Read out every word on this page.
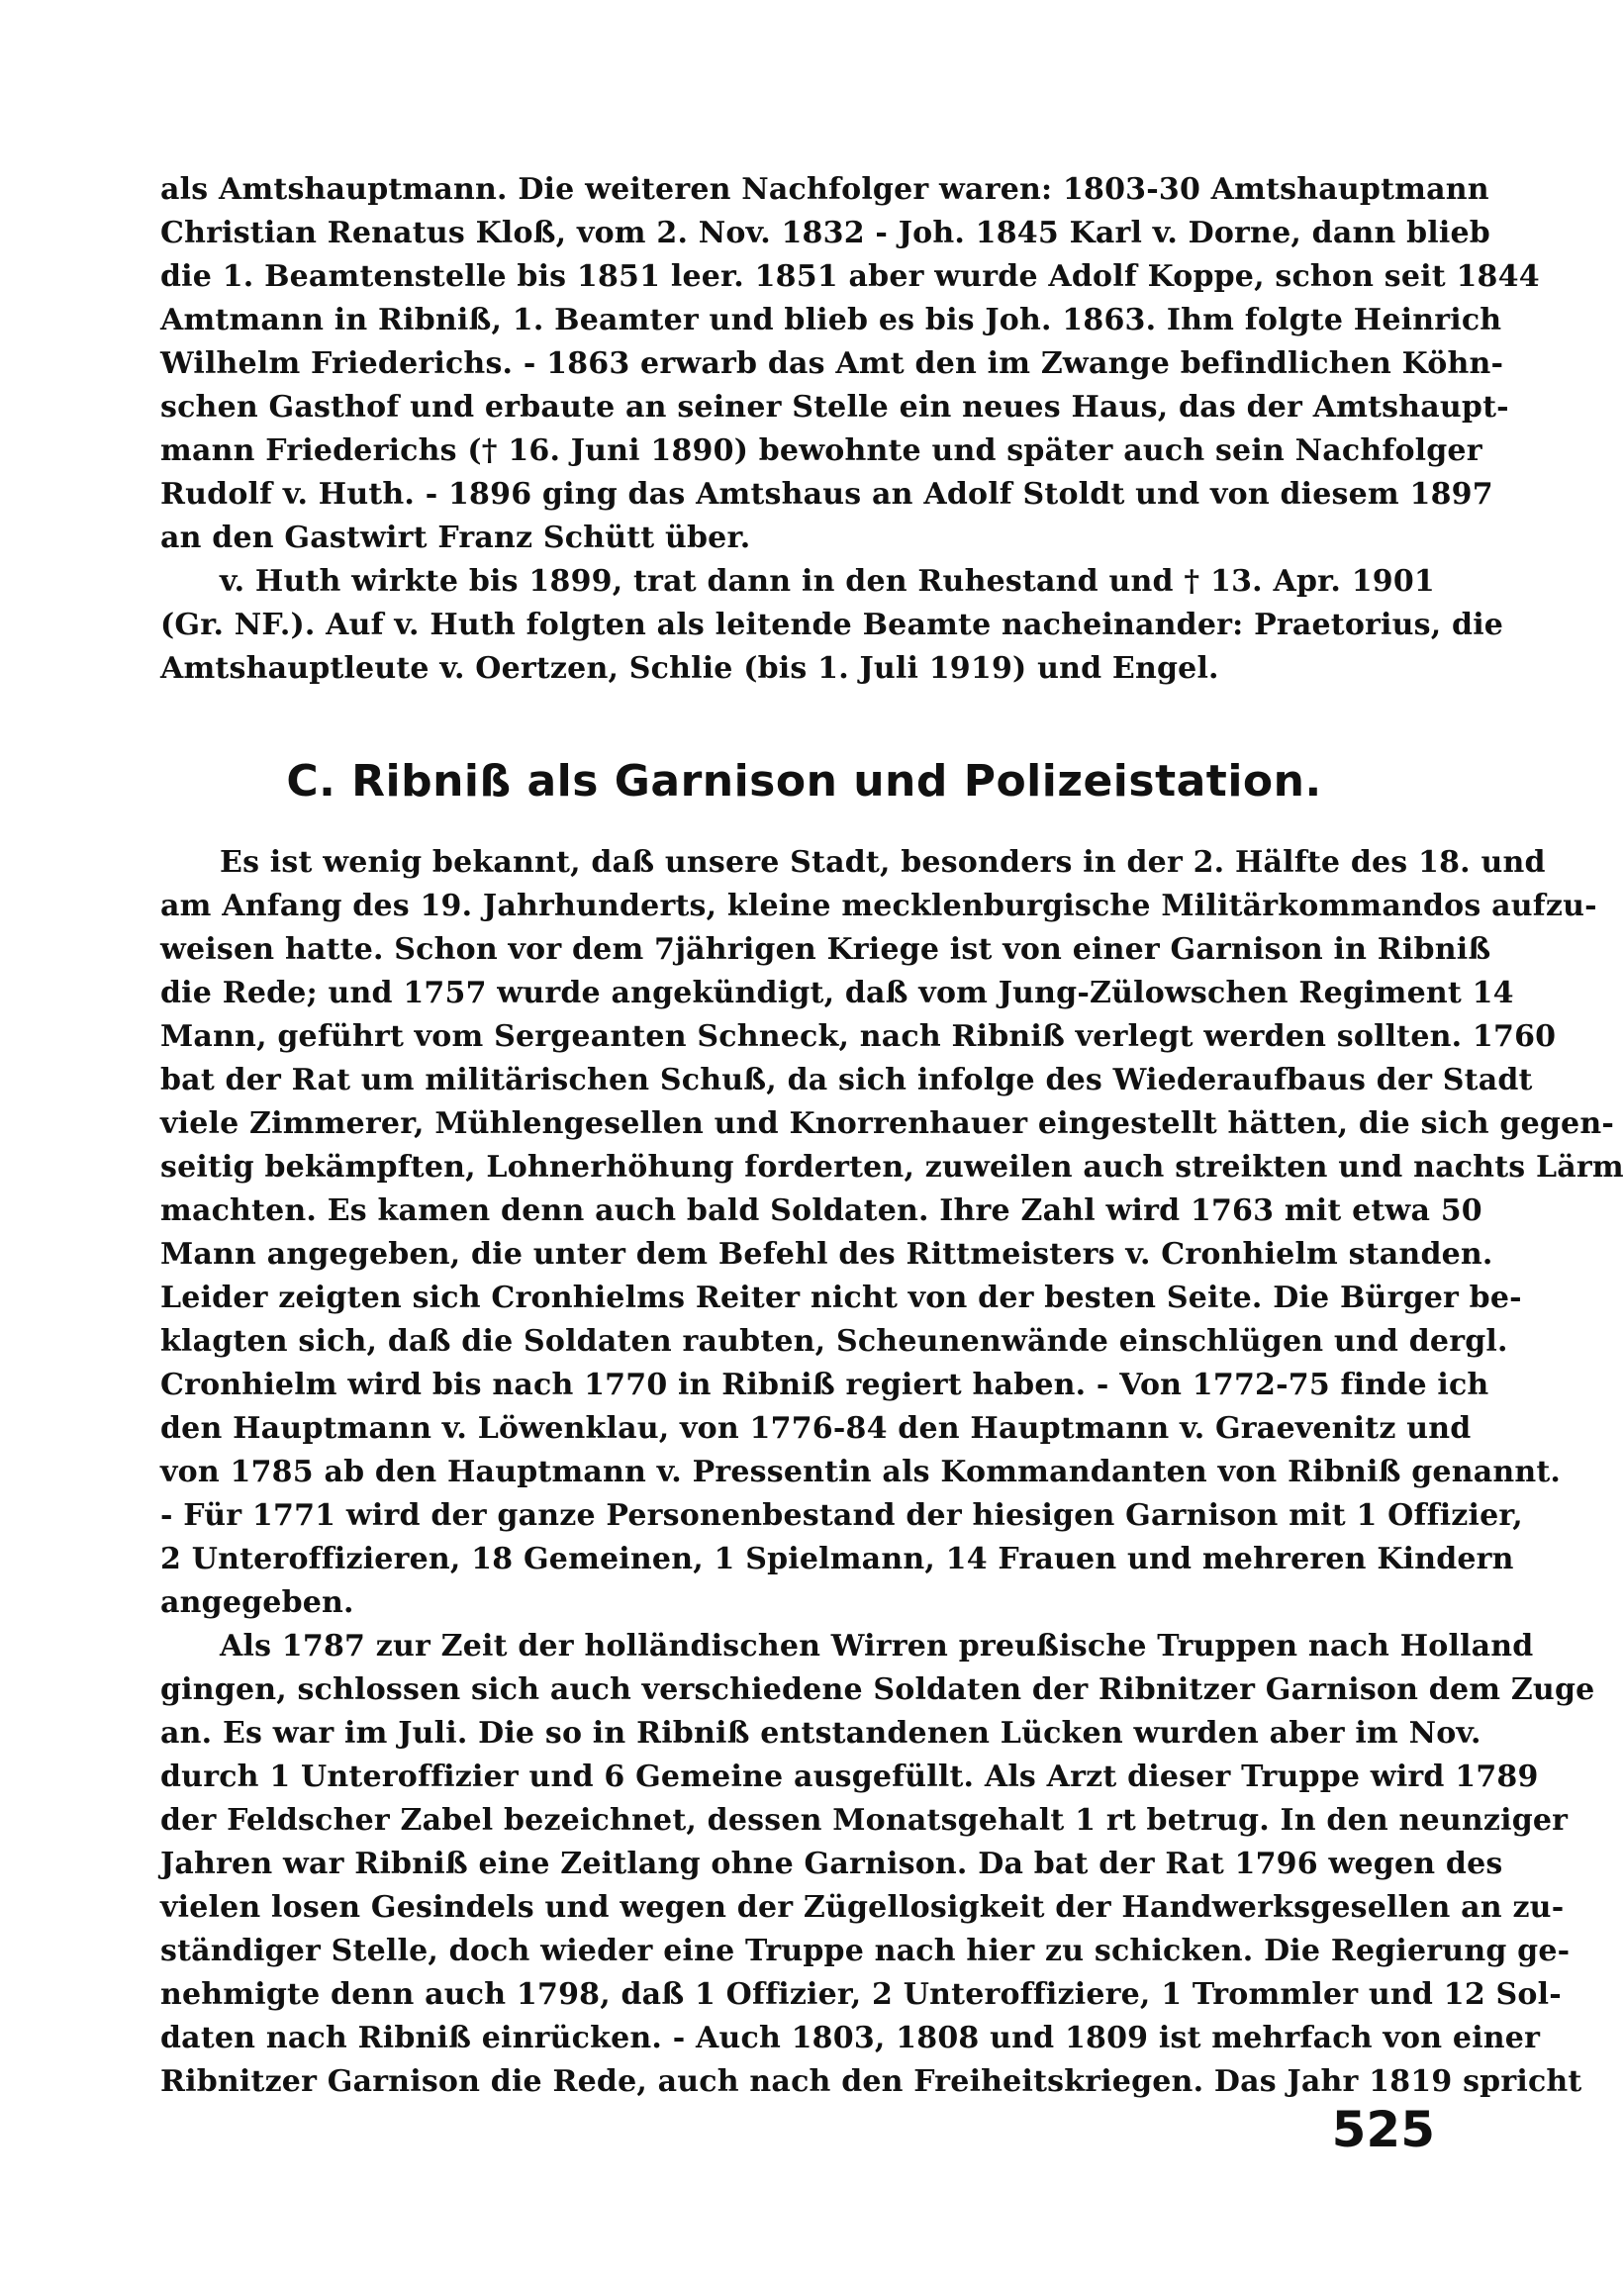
als Amtshauptmann. Die weiteren Nachfolger waren: 1803-30 Amtshauptmann
Christian Renatus Kloß, vom 2. Nov. 1832 - Joh. 1845 Karl v. Dorne, dann blieb
die 1. Beamtenstelle bis 1851 leer. 1851 aber wurde Adolf Koppe, schon seit 1844
Amtmann in Ribniß, 1. Beamter und blieb es bis Joh. 1863. Ihm folgte Heinrich
Wilhelm Friederichs. - 1863 erwarb das Amt den im Zwange befindlichen Köhn-
schen Gasthof und erbaute an seiner Stelle ein neues Haus, das der Amtshaupt-
mann Friederichs († 16. Juni 1890) bewohnte und später auch sein Nachfolger
Rudolf v. Huth. - 1896 ging das Amtshaus an Adolf Stoldt und von diesem 1897
an den Gastwirt Franz Schütt über.
v. Huth wirkte bis 1899, trat dann in den Ruhestand und † 13. Apr. 1901
(Gr. NF.). Auf v. Huth folgten als leitende Beamte nacheinander: Praetorius, die
Amtshauptleute v. Oertzen, Schlie (bis 1. Juli 1919) und Engel.
C. Ribniß als Garnison und Polizeistation.
Es ist wenig bekannt, daß unsere Stadt, besonders in der 2. Hälfte des 18. und
am Anfang des 19. Jahrhunderts, kleine mecklenburgische Militärkommandos aufzu-
weisen hatte. Schon vor dem 7jährigen Kriege ist von einer Garnison in Ribniß
die Rede; und 1757 wurde angekündigt, daß vom Jung-Zülowschen Regiment 14
Mann, geführt vom Sergeanten Schneck, nach Ribniß verlegt werden sollten. 1760
bat der Rat um militärischen Schuß, da sich infolge des Wiederaufbaus der Stadt
viele Zimmerer, Mühlengesellen und Knorrenhauer eingestellt hätten, die sich gegen-
seitig bekämpften, Lohnerhöhung forderten, zuweilen auch streikten und nachts Lärm
machten. Es kamen denn auch bald Soldaten. Ihre Zahl wird 1763 mit etwa 50
Mann angegeben, die unter dem Befehl des Rittmeisters v. Cronhielm standen.
Leider zeigten sich Cronhielms Reiter nicht von der besten Seite. Die Bürger be-
klagten sich, daß die Soldaten raubten, Scheunenwände einschlügen und dergl.
Cronhielm wird bis nach 1770 in Ribniß regiert haben. - Von 1772-75 finde ich
den Hauptmann v. Löwenklau, von 1776-84 den Hauptmann v. Graevenitz und
von 1785 ab den Hauptmann v. Pressentin als Kommandanten von Ribniß genannt.
- Für 1771 wird der ganze Personenbestand der hiesigen Garnison mit 1 Offizier,
2 Unteroffizieren, 18 Gemeinen, 1 Spielmann, 14 Frauen und mehreren Kindern
angegeben.
Als 1787 zur Zeit der holländischen Wirren preußische Truppen nach Holland
gingen, schlossen sich auch verschiedene Soldaten der Ribnitzer Garnison dem Zuge
an. Es war im Juli. Die so in Ribniß entstandenen Lücken wurden aber im Nov.
durch 1 Unteroffizier und 6 Gemeine ausgefüllt. Als Arzt dieser Truppe wird 1789
der Feldscher Zabel bezeichnet, dessen Monatsgehalt 1 rt betrug. In den neunziger
Jahren war Ribniß eine Zeitlang ohne Garnison. Da bat der Rat 1796 wegen des
vielen losen Gesindels und wegen der Zügellosigkeit der Handwerksgesellen an zu-
ständiger Stelle, doch wieder eine Truppe nach hier zu schicken. Die Regierung ge-
nehmigte denn auch 1798, daß 1 Offizier, 2 Unteroffiziere, 1 Trommler und 12 Sol-
daten nach Ribniß einrücken. - Auch 1803, 1808 und 1809 ist mehrfach von einer
Ribnitzer Garnison die Rede, auch nach den Freiheitskriegen. Das Jahr 1819 spricht
525
